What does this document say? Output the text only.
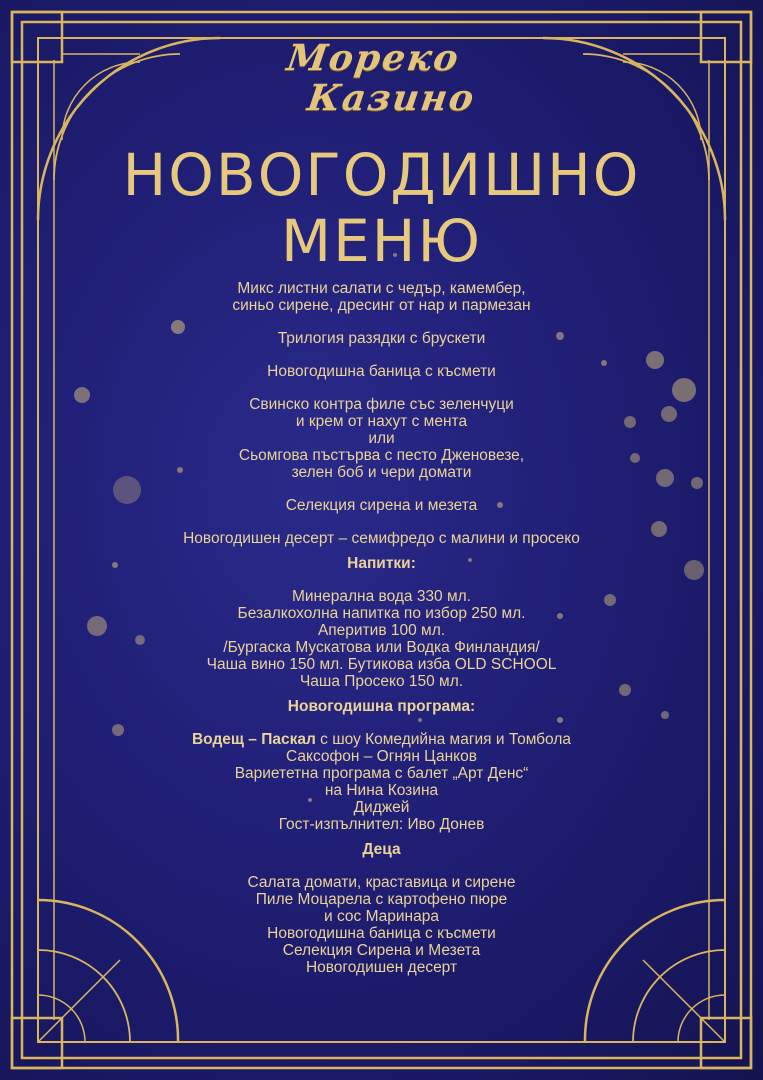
Мореко
Казино
НОВОГОДИШНО
МЕНЮ
Микс листни салати с чедър, камембер,
синьо сирене, дресинг от нар и пармезан
Трилогия разядки с брускети
Новогодишна баница с късмети
Свинско контра филе със зеленчуци
и крем от нахут с мента
или
Сьомгова пъстърва с песто Дженовезе,
зелен боб и чери домати
Селекция сирена и мезета
Новогодишен десерт – семифредо с малини и просеко
Напитки:
Минерална вода 330 мл.
Безалкохолна напитка по избор 250 мл.
Аперитив 100 мл.
/Бургаска Мускатова или Водка Финландия/
Чаша вино 150 мл. Бутикова изба OLD SCHOOL
Чаша Просеко 150 мл.
Новогодишна програма:
Водещ – Паскал с шоу Комедийна магия и Томбола
Саксофон – Огнян Цанков
Вариететна програма с балет „Арт Денс“
на Нина Козина
Диджей
Гост-изпълнител: Иво Донев
Деца
Салата домати, краставица и сирене
Пиле Моцарела с картофено пюре
и сос Маринара
Новогодишна баница с късмети
Селекция Сирена и Мезета
Новогодишен десерт
